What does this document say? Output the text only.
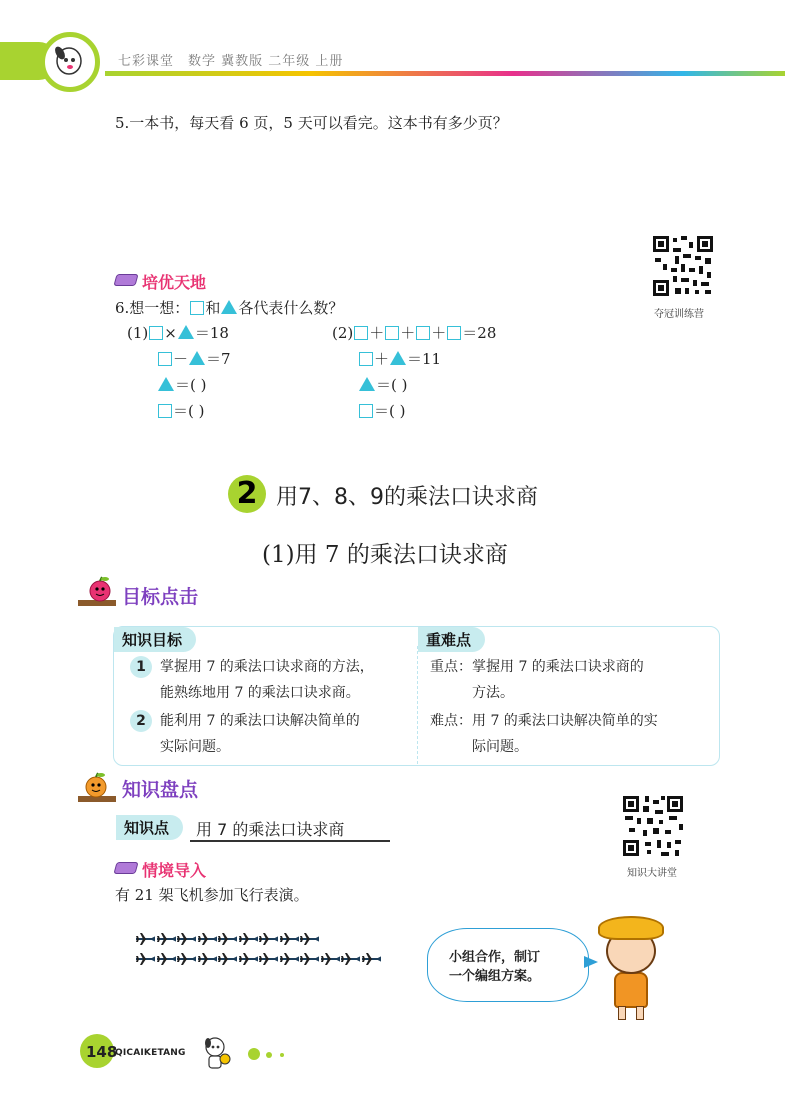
七彩课堂　数学 冀教版 二年级 上册
5.一本书，每天看 6 页，5 天可以看完。这本书有多少页？
夺冠训练营
培优天地
6.想一想： 和 各代表什么数？
(1) × ＝18
－ ＝7
＝( )
＝( )
(2) ＋ ＋ ＋ ＝28
＋ ＝11
＝( )
＝( )
2 用7、8、9的乘法口诀求商
(1)用 7 的乘法口诀求商
目标点击
知识目标	重难点
1	掌握用 7 的乘法口诀求商的方法，
能熟练地用 7 的乘法口诀求商。
2	能利用 7 的乘法口诀解决简单的
实际问题。
重点：掌握用 7 的乘法口诀求商的
方法。
难点：用 7 的乘法口诀解决简单的实
际问题。
知识盘点
知识点	用 7 的乘法口诀求商
知识大讲堂
情境导入
有 21 架飞机参加飞行表演。
小组合作，制订
一个编组方案。
148
QICAIKETANG
